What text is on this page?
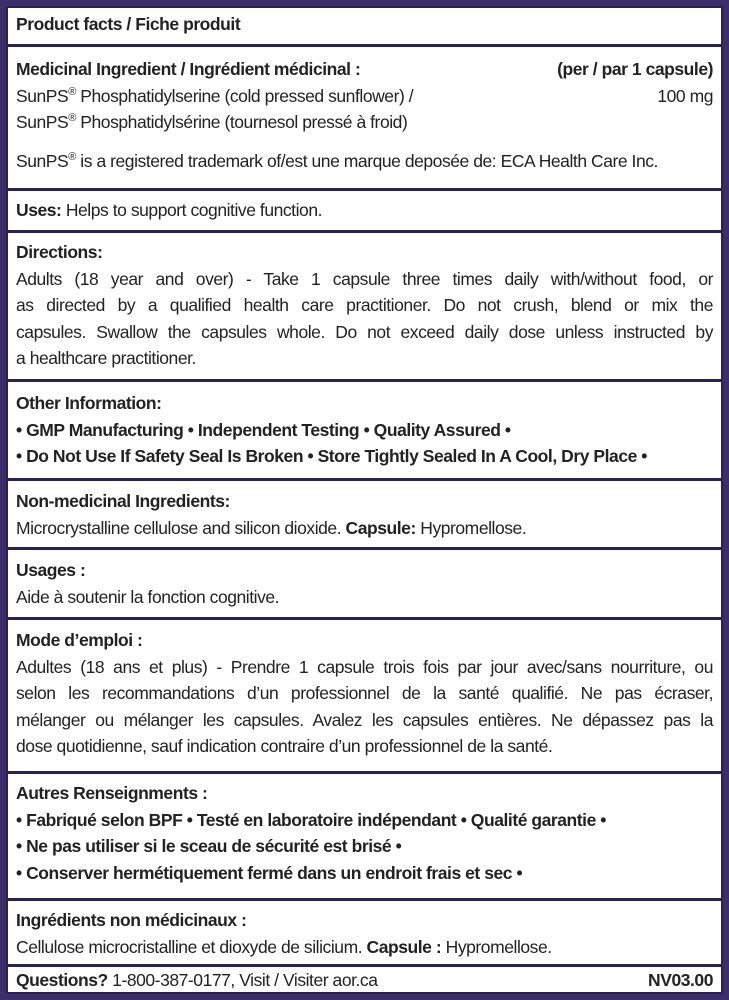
Product facts / Fiche produit
Medicinal Ingredient / Ingrédient médicinal :	(per / par 1 capsule)
SunPS® Phosphatidylserine (cold pressed sunflower) /	100 mg
SunPS® Phosphatidylsérine (tournesol pressé à froid)
SunPS® is a registered trademark of/est une marque deposée de: ECA Health Care Inc.
Uses: Helps to support cognitive function.
Directions:
Adults (18 year and over) - Take 1 capsule three times daily with/without food, or
as directed by a qualified health care practitioner. Do not crush, blend or mix the
capsules. Swallow the capsules whole. Do not exceed daily dose unless instructed by
a healthcare practitioner.
Other Information:
• GMP Manufacturing • Independent Testing • Quality Assured •
• Do Not Use If Safety Seal Is Broken • Store Tightly Sealed In A Cool, Dry Place •
Non-medicinal Ingredients:
Microcrystalline cellulose and silicon dioxide. Capsule: Hypromellose.
Usages :
Aide à soutenir la fonction cognitive.
Mode d’emploi :
Adultes (18 ans et plus) - Prendre 1 capsule trois fois par jour avec/sans nourriture, ou
selon les recommandations d’un professionnel de la santé qualifié. Ne pas écraser,
mélanger ou mélanger les capsules. Avalez les capsules entières. Ne dépassez pas la
dose quotidienne, sauf indication contraire d’un professionnel de la santé.
Autres Renseignments :
• Fabriqué selon BPF • Testé en laboratoire indépendant • Qualité garantie •
• Ne pas utiliser si le sceau de sécurité est brisé •
• Conserver hermétiquement fermé dans un endroit frais et sec •
Ingrédients non médicinaux :
Cellulose microcristalline et dioxyde de silicium. Capsule : Hypromellose.
Questions? 1-800-387-0177, Visit / Visiter aor.ca	NV03.00
